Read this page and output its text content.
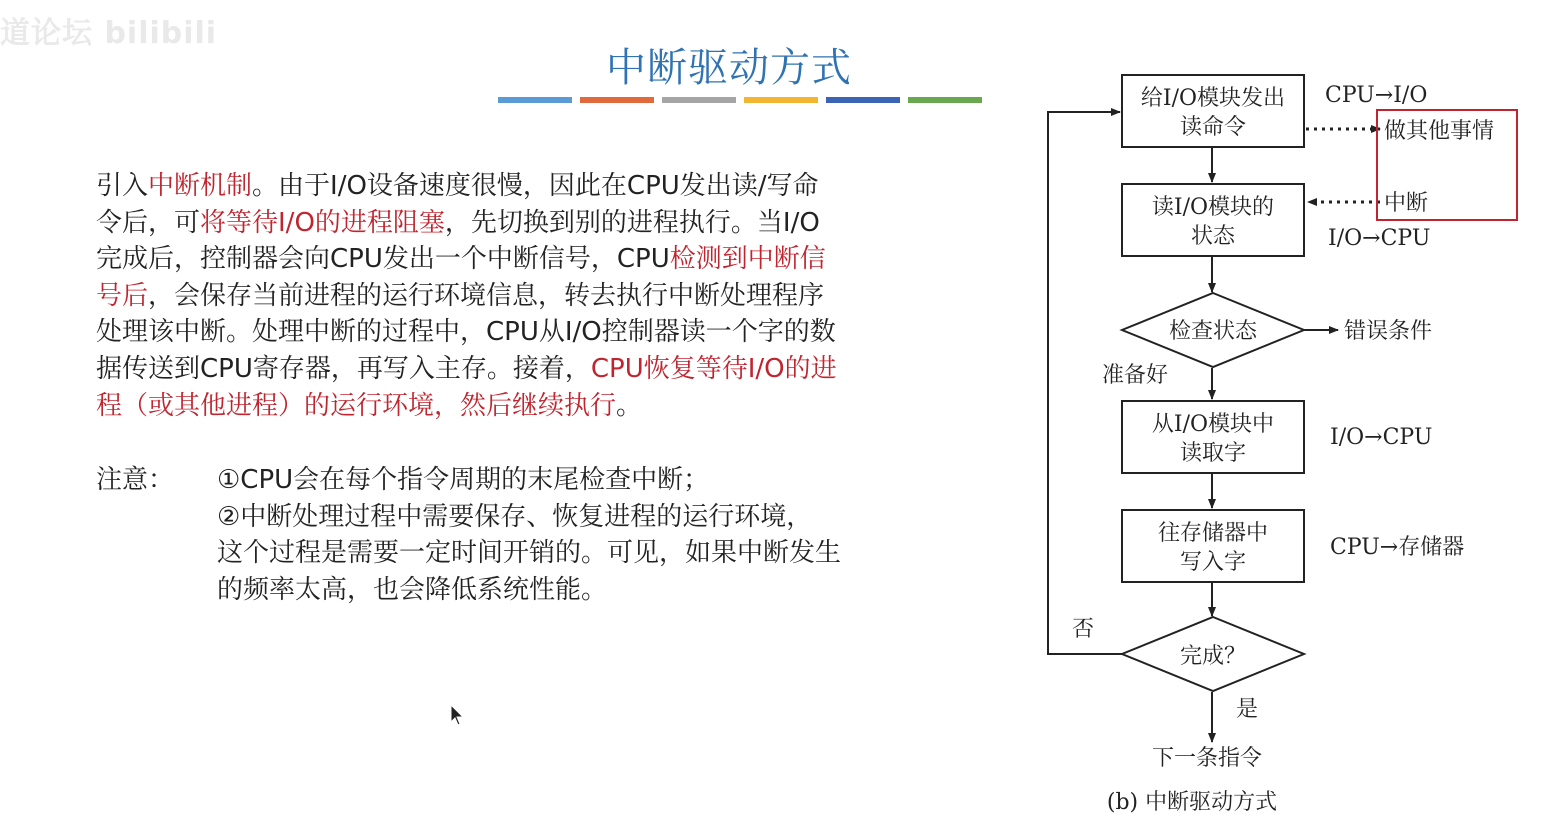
道论坛 bilibili
中断驱动方式
引入中断机制。由于I/O设备速度很慢，因此在CPU发出读/写命
令后，可将等待I/O的进程阻塞，先切换到别的进程执行。当I/O
完成后，控制器会向CPU发出一个中断信号，CPU检测到中断信
号后，会保存当前进程的运行环境信息，转去执行中断处理程序
处理该中断。处理中断的过程中，CPU从I/O控制器读一个字的数
据传送到CPU寄存器，再写入主存。接着，CPU恢复等待I/O的进
程（或其他进程）的运行环境，然后继续执行。
注意： ①CPU会在每个指令周期的末尾检查中断；
②中断处理过程中需要保存、恢复进程的运行环境，
这个过程是需要一定时间开销的。可见，如果中断发生
的频率太高，也会降低系统性能。
给I/O模块发出
读命令
读I/O模块的
状态
检查状态
从I/O模块中
读取字
往存储器中
写入字
完成？
CPU→I/O
做其他事情
中断
I/O→CPU
错误条件
准备好
I/O→CPU
CPU→存储器
否
是
下一条指令
(b) 中断驱动方式
